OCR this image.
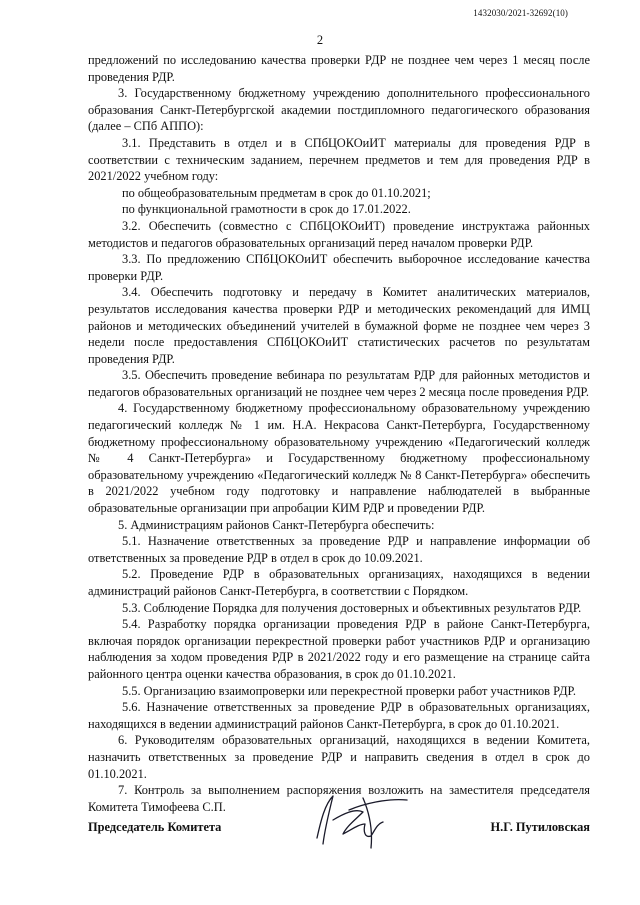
1432030/2021-32692(10)
2

предложений по исследованию качества проверки РДР не позднее чем через 1 месяц после проведения РДР.

3. Государственному бюджетному учреждению дополнительного профессионального образования Санкт-Петербургской академии постдипломного педагогического образования (далее – СПб АППО):

3.1. Представить в отдел и в СПбЦОКОиИТ материалы для проведения РДР в соответствии с техническим заданием, перечнем предметов и тем для проведения РДР в 2021/2022 учебном году:

по общеобразовательным предметам в срок до 01.10.2021;

по функциональной грамотности в срок до 17.01.2022.

3.2. Обеспечить (совместно с СПбЦОКОиИТ) проведение инструктажа районных методистов и педагогов образовательных организаций перед началом проверки РДР.

3.3. По предложению СПбЦОКОиИТ обеспечить выборочное исследование качества проверки РДР.

3.4. Обеспечить подготовку и передачу в Комитет аналитических материалов, результатов исследования качества проверки РДР и методических рекомендаций для ИМЦ районов и методических объединений учителей в бумажной форме не позднее чем через 3 недели после предоставления СПбЦОКОиИТ статистических расчетов по результатам проведения РДР.

3.5. Обеспечить проведение вебинара по результатам РДР для районных методистов и педагогов образовательных организаций не позднее чем через 2 месяца после проведения РДР.

4. Государственному бюджетному профессиональному образовательному учреждению педагогический колледж № 1 им. Н.А. Некрасова Санкт-Петербурга, Государственному бюджетному профессиональному образовательному учреждению «Педагогический колледж № 4 Санкт-Петербурга» и Государственному бюджетному профессиональному образовательному учреждению «Педагогический колледж № 8 Санкт-Петербурга» обеспечить в 2021/2022 учебном году подготовку и направление наблюдателей в выбранные образовательные организации при апробации КИМ РДР и проведении РДР.

5. Администрациям районов Санкт-Петербурга обеспечить:

5.1. Назначение ответственных за проведение РДР и направление информации об ответственных за проведение РДР в отдел в срок до 10.09.2021.

5.2. Проведение РДР в образовательных организациях, находящихся в ведении администраций районов Санкт-Петербурга, в соответствии с Порядком.

5.3. Соблюдение Порядка для получения достоверных и объективных результатов РДР.

5.4. Разработку порядка организации проведения РДР в районе Санкт-Петербурга, включая порядок организации перекрестной проверки работ участников РДР и организацию наблюдения за ходом проведения РДР в 2021/2022 году и его размещение на странице сайта районного центра оценки качества образования, в срок до 01.10.2021.

5.5. Организацию взаимопроверки или перекрестной проверки работ участников РДР.

5.6. Назначение ответственных за проведение РДР в образовательных организациях, находящихся в ведении администраций районов Санкт-Петербурга, в срок до 01.10.2021.

6. Руководителям образовательных организаций, находящихся в ведении Комитета, назначить ответственных за проведение РДР и направить сведения в отдел в срок до 01.10.2021.

7. Контроль за выполнением распоряжения возложить на заместителя председателя Комитета Тимофеева С.П.

Председатель Комитета	Н.Г. Путиловская
